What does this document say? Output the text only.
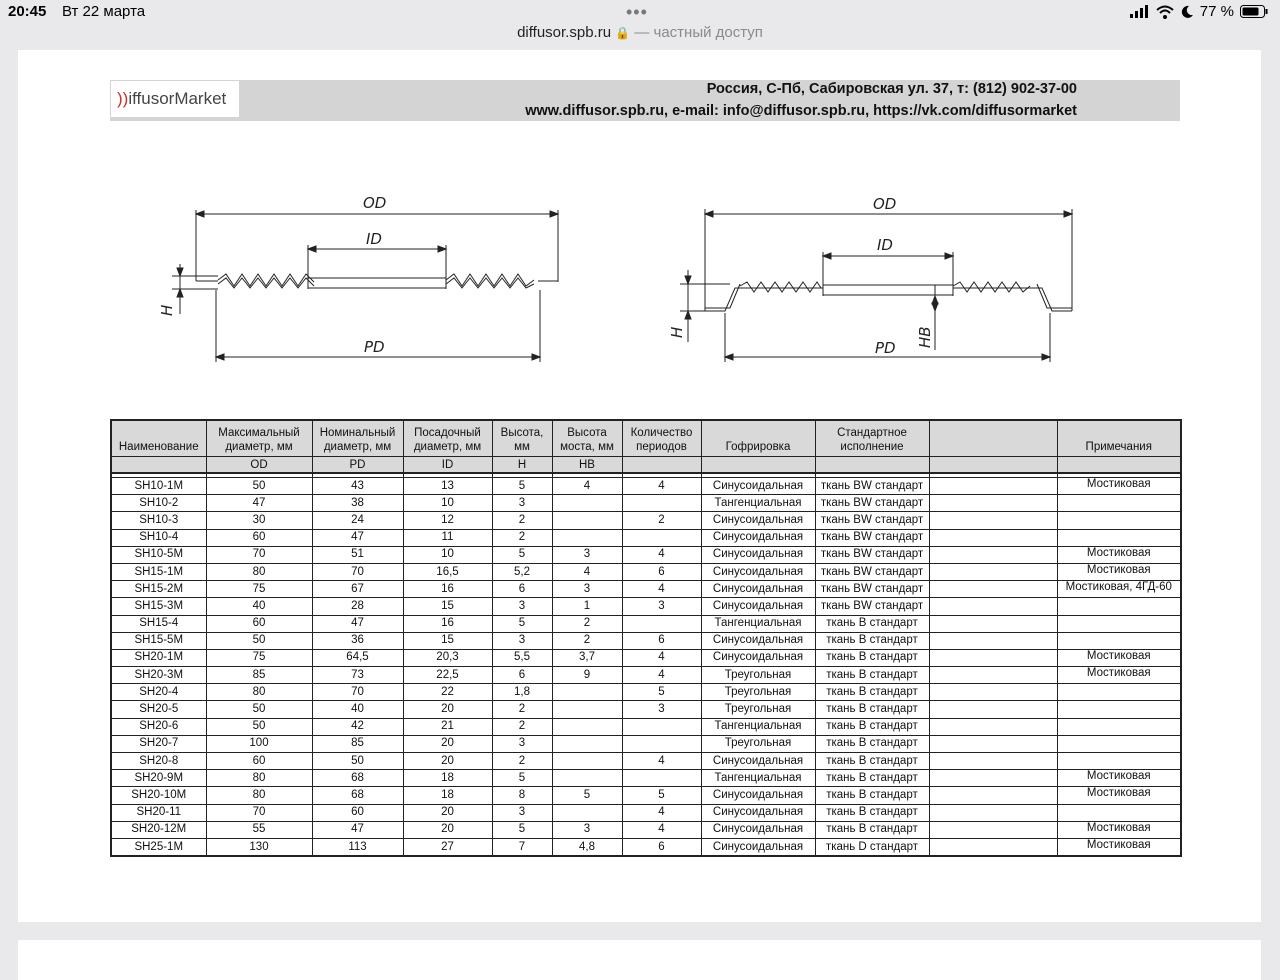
20:45 Вт 22 марта	•••	77 %
diffusor.spb.ru 🔒 — частный доступ
Россия, С-Пб, Сабировская ул. 37, т: (812) 902-37-00
www.diffusor.spb.ru, e-mail: info@diffusor.spb.ru, https://vk.com/diffusormarket
)) iffusorMarket
OD
ID
PD
H
OD
ID
PD
H	HB
Наименование	Максимальный диаметр, мм	Номинальный диаметр, мм	Посадочный диаметр, мм	Высота, мм	Высота моста, мм	Количество периодов	Гофрировка	Стандартное исполнение		Примечания
	OD	PD	ID	H	HB					

SH10-1M	50	43	13	5	4	4	Синусоидальная	ткань BW стандарт		Мостиковая
SH10-2	47	38	10	3			Тангенциальная	ткань BW стандарт		
SH10-3	30	24	12	2		2	Синусоидальная	ткань BW стандарт		
SH10-4	60	47	11	2			Синусоидальная	ткань BW стандарт		
SH10-5M	70	51	10	5	3	4	Синусоидальная	ткань BW стандарт		Мостиковая
SH15-1M	80	70	16,5	5,2	4	6	Синусоидальная	ткань BW стандарт		Мостиковая
SH15-2M	75	67	16	6	3	4	Синусоидальная	ткань BW стандарт		Мостиковая, 4ГД-60
SH15-3M	40	28	15	3	1	3	Синусоидальная	ткань BW стандарт		
SH15-4	60	47	16	5	2		Тангенциальная	ткань B стандарт		
SH15-5M	50	36	15	3	2	6	Синусоидальная	ткань B стандарт		
SH20-1M	75	64,5	20,3	5,5	3,7	4	Синусоидальная	ткань B стандарт		Мостиковая
SH20-3M	85	73	22,5	6	9	4	Треугольная	ткань B стандарт		Мостиковая
SH20-4	80	70	22	1,8		5	Треугольная	ткань B стандарт		
SH20-5	50	40	20	2		3	Треугольная	ткань B стандарт		
SH20-6	50	42	21	2			Тангенциальная	ткань B стандарт		
SH20-7	100	85	20	3			Треугольная	ткань B стандарт		
SH20-8	60	50	20	2		4	Синусоидальная	ткань B стандарт		
SH20-9M	80	68	18	5			Тангенциальная	ткань B стандарт		Мостиковая
SH20-10M	80	68	18	8	5	5	Синусоидальная	ткань B стандарт		Мостиковая
SH20-11	70	60	20	3		4	Синусоидальная	ткань B стандарт		
SH20-12M	55	47	20	5	3	4	Синусоидальная	ткань B стандарт		Мостиковая
SH25-1M	130	113	27	7	4,8	6	Синусоидальная	ткань D стандарт		Мостиковая
